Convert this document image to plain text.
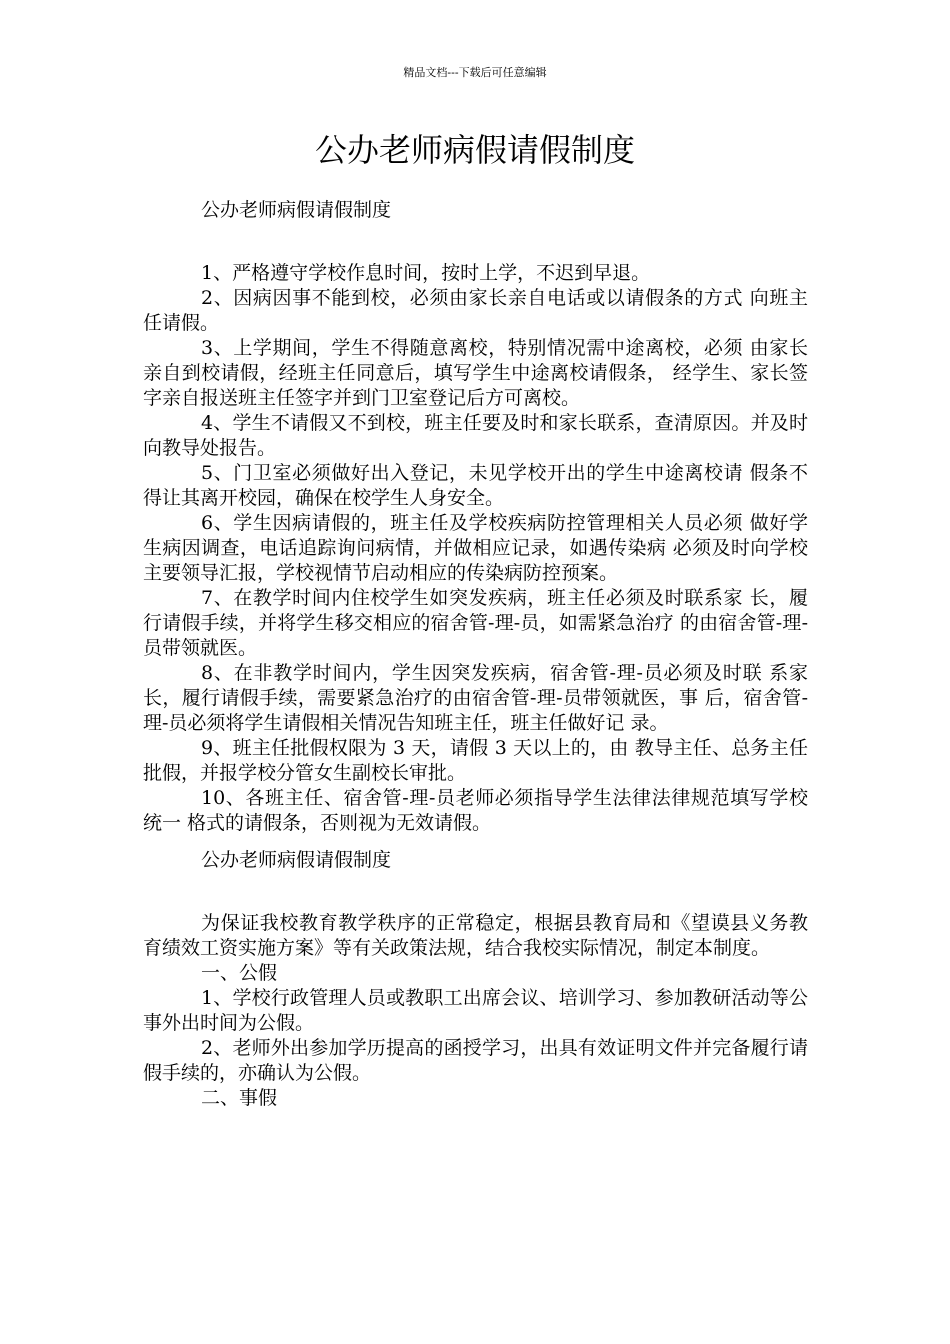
精品文档---下载后可任意编辑
公办老师病假请假制度

公办老师病假请假制度

1、严格遵守学校作息时间，按时上学，不迟到早退。

2、因病因事不能到校，必须由家长亲自电话或以请假条的方式 向班主任请假。

3、上学期间，学生不得随意离校，特别情况需中途离校，必须 由家长亲自到校请假，经班主任同意后，填写学生中途离校请假条， 经学生、家长签字亲自报送班主任签字并到门卫室登记后方可离校。

4、学生不请假又不到校，班主任要及时和家长联系，查清原因。并及时向教导处报告。

5、门卫室必须做好出入登记，未见学校开出的学生中途离校请 假条不得让其离开校园，确保在校学生人身安全。

6、学生因病请假的，班主任及学校疾病防控管理相关人员必须 做好学生病因调查，电话追踪询问病情，并做相应记录，如遇传染病 必须及时向学校主要领导汇报，学校视情节启动相应的传染病防控预案。

7、在教学时间内住校学生如突发疾病，班主任必须及时联系家 长，履行请假手续，并将学生移交相应的宿舍管-理-员，如需紧急治疗 的由宿舍管-理-员带领就医。

8、在非教学时间内，学生因突发疾病，宿舍管-理-员必须及时联 系家长，履行请假手续，需要紧急治疗的由宿舍管-理-员带领就医，事 后，宿舍管-理-员必须将学生请假相关情况告知班主任，班主任做好记 录。

9、班主任批假权限为 3 天，请假 3 天以上的，由 教导主任、总务主任批假，并报学校分管女生副校长审批。

10、各班主任、宿舍管-理-员老师必须指导学生法律法律规范填写学校统一 格式的请假条，否则视为无效请假。

公办老师病假请假制度

为保证我校教育教学秩序的正常稳定，根据县教育局和《望谟县义务教育绩效工资实施方案》等有关政策法规，结合我校实际情况，制定本制度。

一、公假

1、学校行政管理人员或教职工出席会议、培训学习、参加教研活动等公事外出时间为公假。

2、老师外出参加学历提高的函授学习，出具有效证明文件并完备履行请假手续的，亦确认为公假。

二、事假
